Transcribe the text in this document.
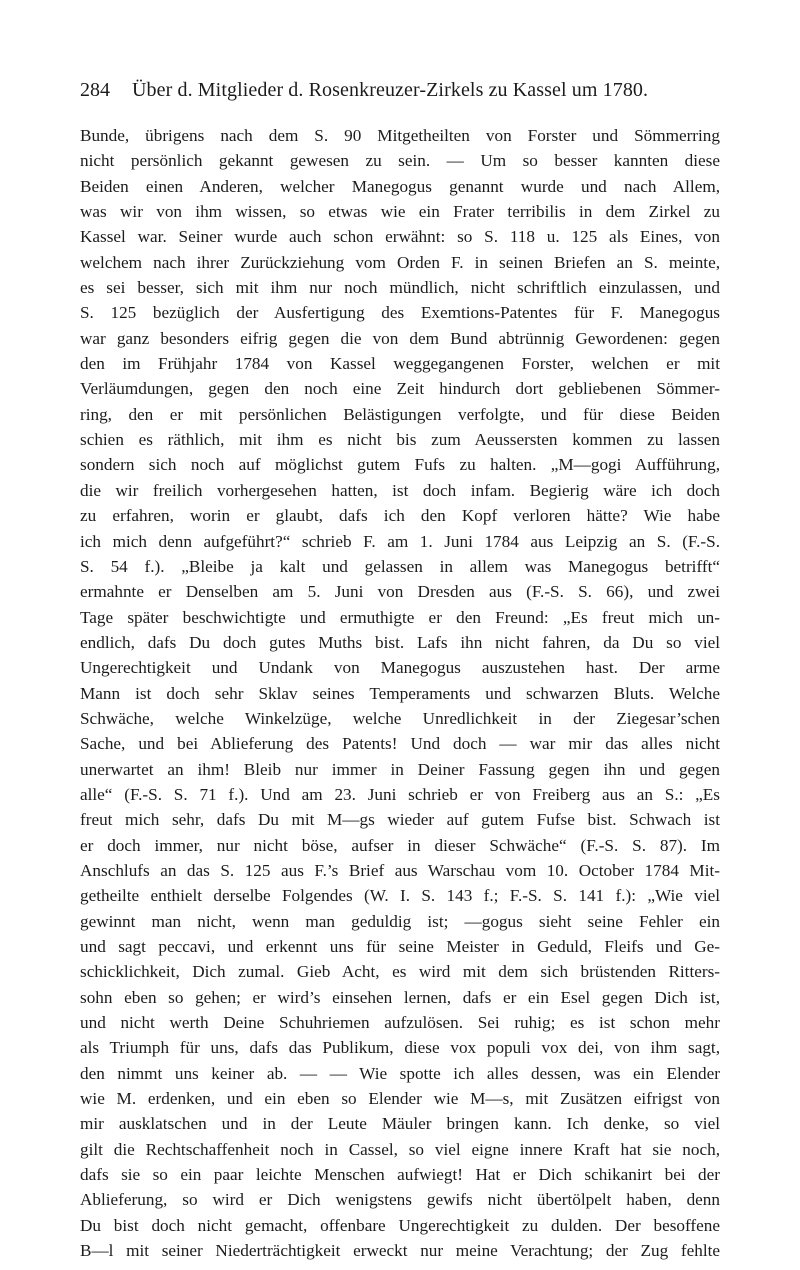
284 Über d. Mitglieder d. Rosenkreuzer-Zirkels zu Kassel um 1780.
Bunde, übrigens nach dem S. 90 Mitgetheilten von Forster und Sömmerring
nicht persönlich gekannt gewesen zu sein. — Um so besser kannten diese
Beiden einen Anderen, welcher Manegogus genannt wurde und nach Allem,
was wir von ihm wissen, so etwas wie ein Frater terribilis in dem Zirkel zu
Kassel war. Seiner wurde auch schon erwähnt: so S. 118 u. 125 als Eines, von
welchem nach ihrer Zurückziehung vom Orden F. in seinen Briefen an S. meinte,
es sei besser, sich mit ihm nur noch mündlich, nicht schriftlich einzulassen, und
S. 125 bezüglich der Ausfertigung des Exemtions-Patentes für F. Manegogus
war ganz besonders eifrig gegen die von dem Bund abtrünnig Gewordenen: gegen
den im Frühjahr 1784 von Kassel weggegangenen Forster, welchen er mit
Verläumdungen, gegen den noch eine Zeit hindurch dort gebliebenen Sömmer-
ring, den er mit persönlichen Belästigungen verfolgte, und für diese Beiden
schien es räthlich, mit ihm es nicht bis zum Aeussersten kommen zu lassen
sondern sich noch auf möglichst gutem Fufs zu halten. „M—gogi Aufführung,
die wir freilich vorhergesehen hatten, ist doch infam. Begierig wäre ich doch
zu erfahren, worin er glaubt, dafs ich den Kopf verloren hätte? Wie habe
ich mich denn aufgeführt?“ schrieb F. am 1. Juni 1784 aus Leipzig an S. (F.-S.
S. 54 f.). „Bleibe ja kalt und gelassen in allem was Manegogus betrifft“
ermahnte er Denselben am 5. Juni von Dresden aus (F.-S. S. 66), und zwei
Tage später beschwichtigte und ermuthigte er den Freund: „Es freut mich un-
endlich, dafs Du doch gutes Muths bist. Lafs ihn nicht fahren, da Du so viel
Ungerechtigkeit und Undank von Manegogus auszustehen hast. Der arme
Mann ist doch sehr Sklav seines Temperaments und schwarzen Bluts. Welche
Schwäche, welche Winkelzüge, welche Unredlichkeit in der Ziegesar’schen
Sache, und bei Ablieferung des Patents! Und doch — war mir das alles nicht
unerwartet an ihm! Bleib nur immer in Deiner Fassung gegen ihn und gegen
alle“ (F.-S. S. 71 f.). Und am 23. Juni schrieb er von Freiberg aus an S.: „Es
freut mich sehr, dafs Du mit M—gs wieder auf gutem Fufse bist. Schwach ist
er doch immer, nur nicht böse, aufser in dieser Schwäche“ (F.-S. S. 87). Im
Anschlufs an das S. 125 aus F.’s Brief aus Warschau vom 10. October 1784 Mit-
getheilte enthielt derselbe Folgendes (W. I. S. 143 f.; F.-S. S. 141 f.): „Wie viel
gewinnt man nicht, wenn man geduldig ist; —gogus sieht seine Fehler ein
und sagt peccavi, und erkennt uns für seine Meister in Geduld, Fleifs und Ge-
schicklichkeit, Dich zumal. Gieb Acht, es wird mit dem sich brüstenden Ritters-
sohn eben so gehen; er wird’s einsehen lernen, dafs er ein Esel gegen Dich ist,
und nicht werth Deine Schuhriemen aufzulösen. Sei ruhig; es ist schon mehr
als Triumph für uns, dafs das Publikum, diese vox populi vox dei, von ihm sagt,
den nimmt uns keiner ab. — — Wie spotte ich alles dessen, was ein Elender
wie M. erdenken, und ein eben so Elender wie M—s, mit Zusätzen eifrigst von
mir ausklatschen und in der Leute Mäuler bringen kann. Ich denke, so viel
gilt die Rechtschaffenheit noch in Cassel, so viel eigne innere Kraft hat sie noch,
dafs sie so ein paar leichte Menschen aufwiegt! Hat er Dich schikanirt bei der
Ablieferung, so wird er Dich wenigstens gewifs nicht übertölpelt haben, denn
Du bist doch nicht gemacht, offenbare Ungerechtigkeit zu dulden. Der besoffene
B—l mit seiner Niederträchtigkeit erweckt nur meine Verachtung; der Zug fehlte
